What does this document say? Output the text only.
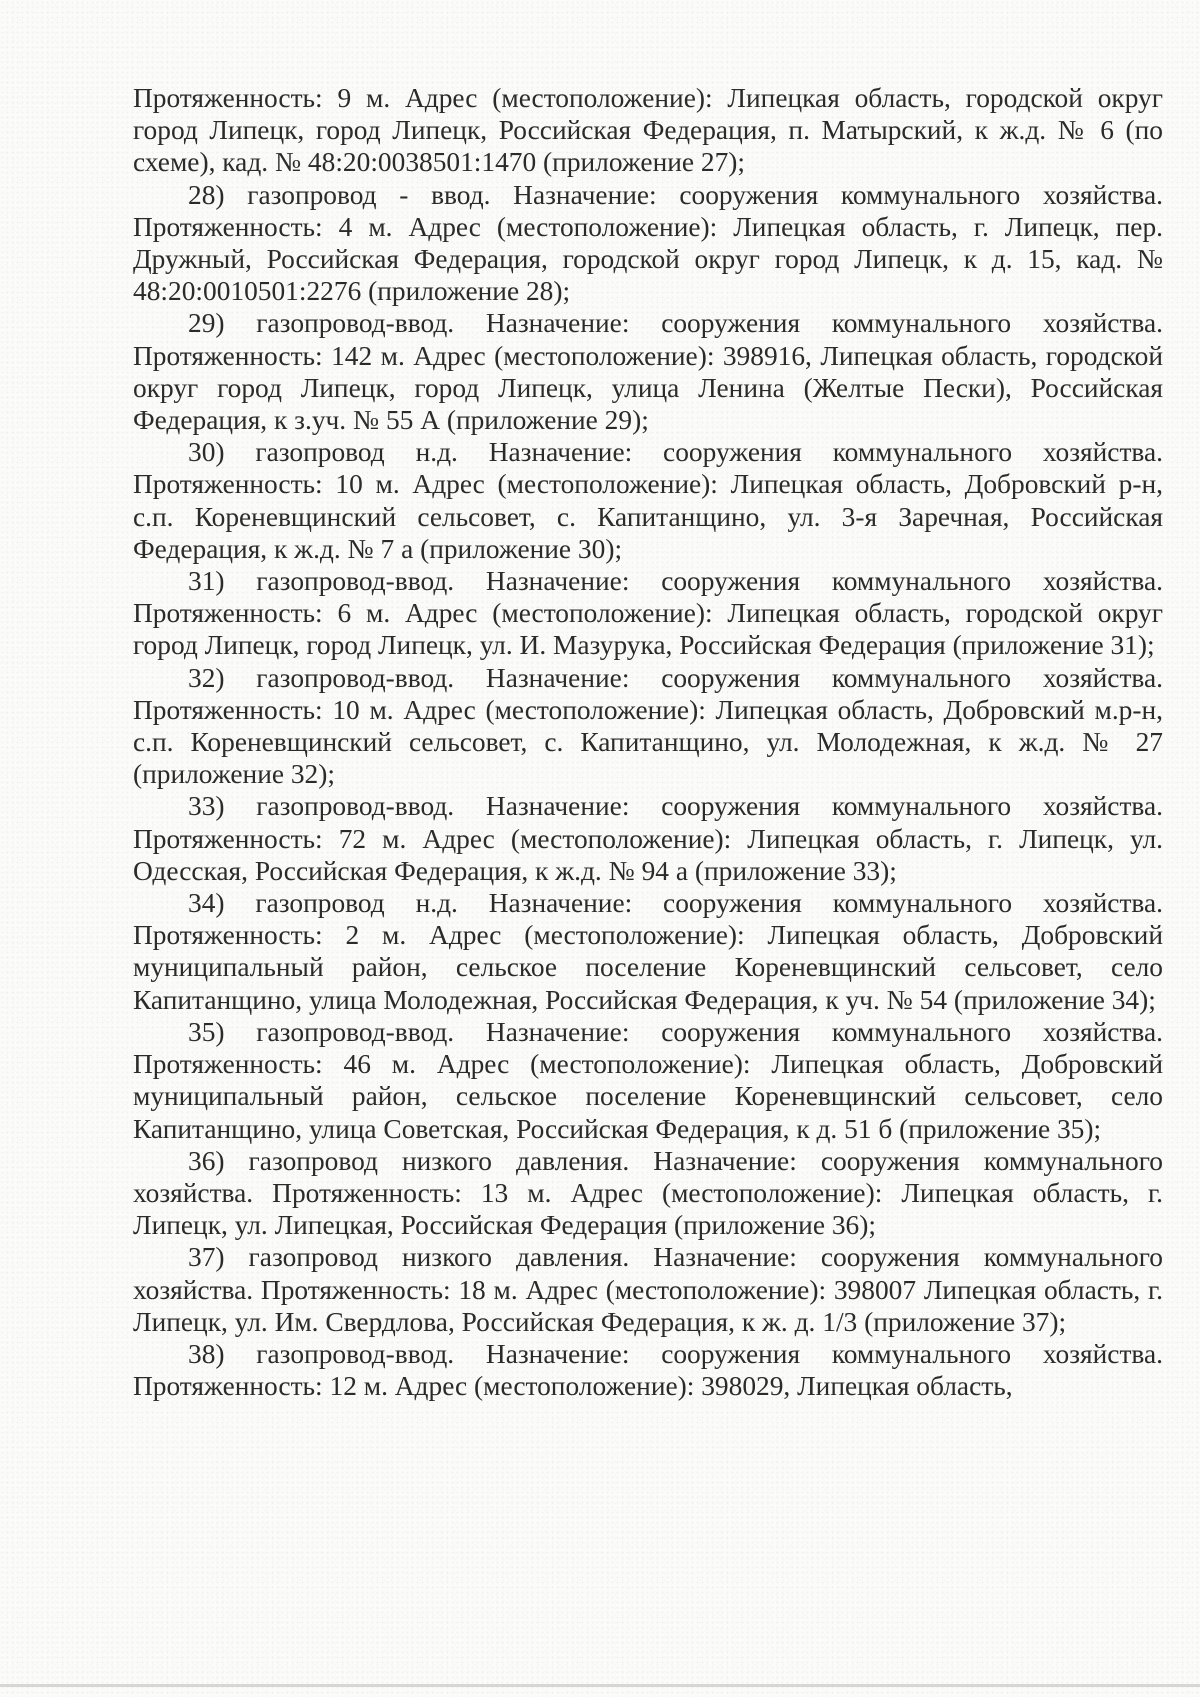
Протяженность: 9 м. Адрес (местоположение): Липецкая область, городской округ город Липецк, город Липецк, Российская Федерация, п. Матырский, к ж.д. № 6 (по схеме), кад. № 48:20:0038501:1470 (приложение 27);

28) газопровод - ввод. Назначение: сооружения коммунального хозяйства. Протяженность: 4 м. Адрес (местоположение): Липецкая область, г. Липецк, пер. Дружный, Российская Федерация, городской округ город Липецк, к д. 15, кад. № 48:20:0010501:2276 (приложение 28);

29) газопровод-ввод. Назначение: сооружения коммунального хозяйства. Протяженность: 142 м. Адрес (местоположение): 398916, Липецкая область, городской округ город Липецк, город Липецк, улица Ленина (Желтые Пески), Российская Федерация, к з.уч. № 55 А (приложение 29);

30) газопровод н.д. Назначение: сооружения коммунального хозяйства. Протяженность: 10 м. Адрес (местоположение): Липецкая область, Добровский р-н, с.п. Кореневщинский сельсовет, с. Капитанщино, ул. 3-я Заречная, Российская Федерация, к ж.д. № 7 а (приложение 30);

31) газопровод-ввод. Назначение: сооружения коммунального хозяйства. Протяженность: 6 м. Адрес (местоположение): Липецкая область, городской округ город Липецк, город Липецк, ул. И. Мазурука, Российская Федерация (приложение 31);

32) газопровод-ввод. Назначение: сооружения коммунального хозяйства. Протяженность: 10 м. Адрес (местоположение): Липецкая область, Добровский м.р-н, с.п. Кореневщинский сельсовет, с. Капитанщино, ул. Молодежная, к ж.д. № 27 (приложение 32);

33) газопровод-ввод. Назначение: сооружения коммунального хозяйства. Протяженность: 72 м. Адрес (местоположение): Липецкая область, г. Липецк, ул. Одесская, Российская Федерация, к ж.д. № 94 а (приложение 33);

34) газопровод н.д. Назначение: сооружения коммунального хозяйства. Протяженность: 2 м. Адрес (местоположение): Липецкая область, Добровский муниципальный район, сельское поселение Кореневщинский сельсовет, село Капитанщино, улица Молодежная, Российская Федерация, к уч. № 54 (приложение 34);

35) газопровод-ввод. Назначение: сооружения коммунального хозяйства. Протяженность: 46 м. Адрес (местоположение): Липецкая область, Добровский муниципальный район, сельское поселение Кореневщинский сельсовет, село Капитанщино, улица Советская, Российская Федерация, к д. 51 б (приложение 35);

36) газопровод низкого давления. Назначение: сооружения коммунального хозяйства. Протяженность: 13 м. Адрес (местоположение): Липецкая область, г. Липецк, ул. Липецкая, Российская Федерация (приложение 36);

37) газопровод низкого давления. Назначение: сооружения коммунального хозяйства. Протяженность: 18 м. Адрес (местоположение): 398007 Липецкая область, г. Липецк, ул. Им. Свердлова, Российская Федерация, к ж. д. 1/3 (приложение 37);

38) газопровод-ввод. Назначение: сооружения коммунального хозяйства. Протяженность: 12 м. Адрес (местоположение): 398029, Липецкая область,
